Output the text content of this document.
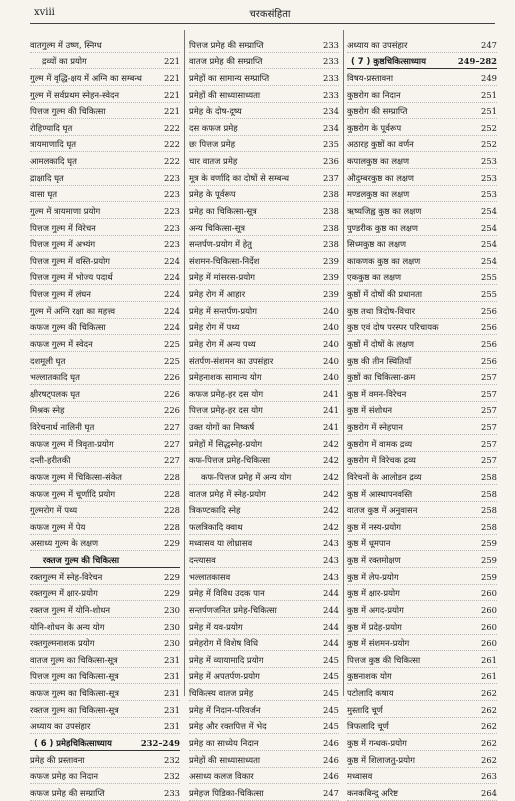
xviii	चरकसंहिता
वातगुल्म में उष्ण, स्निग्ध
द्रव्यों का प्रयोग	221
गुल्म में वृद्धि-क्षय में अग्नि का सम्बन्ध	221
गुल्म में सर्वप्रथम स्नेहन-स्वेदन	221
पित्तज गुल्म की चिकित्सा	221
रोहिण्यादि घृत	222
त्रायमाणादि घृत	222
आमलकादि घृत	222
द्राक्षादि घृत	223
वासा घृत	223
गुल्म में त्रायमाणा प्रयोग	223
पित्तज गुल्म में विरेचन	223
पित्तज गुल्म में अभ्यंग	223
पित्तज गुल्म में वस्ति-प्रयोग	224
पित्तज गुल्म में भोज्य पदार्थ	224
पित्तज गुल्म में लंघन	224
गुल्म में अग्नि रक्षा का महत्त्व	224
कफज गुल्म की चिकित्सा	224
कफज गुल्म में स्वेदन	225
दशमूली घृत	225
भल्लातकादि घृत	226
क्षीरषट्पलक घृत	226
मिश्रक स्नेह	226
विरेचनार्थ नालिनी घृत	227
कफज गुल्म में त्रिवृता-प्रयोग	227
दन्ती-हरीतकी	227
कफज गुल्म में चिकित्सा-संकेत	228
कफज गुल्म में चूर्णादि प्रयोग	228
गुल्मरोग में पथ्य	228
कफज गुल्म में पेय	228
असाध्य गुल्म के लक्षण	229
रक्तज गुल्म की चिकित्सा
रक्तगुल्म में स्नेह-विरेचन	229
रक्तगुल्म में क्षार-प्रयोग	229
रक्तज गुल्म में योनि-शोधन	230
योनि-शोधन के अन्य योग	230
रक्तगुल्मनाशक प्रयोग	230
वातज गुल्म का चिकित्सा-सूत्र	231
पित्तज गुल्म का चिकित्सा-सूत्र	231
कफज गुल्म का चिकित्सा-सूत्र	231
रक्तज गुल्म का चिकित्सा-सूत्र	231
अध्याय का उपसंहार	231
( 6 ) प्रमेहचिकित्साध्याय	232–249
प्रमेह की प्रस्तावना	232
कफज प्रमेह का निदान	232
कफज प्रमेह की सम्प्राप्ति	233
पित्तज प्रमेह की सम्प्राप्ति	233
वातज प्रमेह की सम्प्राप्ति	233
प्रमेहों का सामान्य सम्प्राप्ति	233
प्रमेहों की साध्यासाध्यता	233
प्रमेह के दोष-दूष्य	234
दस कफज प्रमेह	234
छः पित्तज प्रमेह	235
चार वातज प्रमेह	236
मूत्र के वर्णादि का दोषों से सम्बन्ध	237
प्रमेह के पूर्वरूप	238
प्रमेह का चिकित्सा-सूत्र	238
अन्य चिकित्सा-सूत्र	238
सन्तर्पण-प्रयोग में हेतु	238
संशमन-चिकित्सा-निर्देश	239
प्रमेह में मांसरस-प्रयोग	239
प्रमेह रोग में आहार	239
प्रमेह में सन्तर्पण-प्रयोग	240
प्रमेह रोग में पथ्य	240
प्रमेह रोग में अन्य पथ्य	240
संतर्पण-संशमन का उपसंहार	240
प्रमेहनाशक सामान्य योग	240
कफज प्रमेह-हर दस योग	241
पित्तज प्रमेह-हर दस योग	241
उक्त योगों का निष्कर्ष	241
प्रमेहों में सिद्धस्नेह-प्रयोग	242
कफ-पित्तज प्रमेह-चिकित्सा	242
कफ-पित्तज प्रमेह में अन्य योग	242
वातज प्रमेह में स्नेह-प्रयोग	242
त्रिकण्टकादि स्नेह	242
फलत्रिकादि क्वाथ	242
मध्वासव या लोध्रासव	243
दन्त्यासव	243
भल्लातकासव	243
प्रमेह में विविध उदक पान	244
सन्तर्पणजनित प्रमेह-चिकित्सा	244
प्रमेह में यव-प्रयोग	244
प्रमेहरोग में विशेष विधि	244
प्रमेह में व्यायामादि प्रयोग	245
प्रमेह में अपतर्पण-प्रयोग	245
चिकित्स्य वातज प्रमेह	245
प्रमेह में निदान-परिवर्जन	245
प्रमेह और रक्तपित्त में भेद	245
प्रमेह का साध्येय निदान	246
प्रमेहों की साध्यासाध्यता	246
असाध्य कलज विकार	246
प्रमेहज पिडिका-चिकित्सा	247
अध्याय का उपसंहार	247
( 7 ) कुष्ठचिकित्साध्याय	249–282
विषय-प्रस्तावना	249
कुष्ठरोग का निदान	251
कुष्ठरोग की सम्प्राप्ति	251
कुष्ठरोग के पूर्वरूप	252
अठारह कुष्ठों का वर्णन	252
कपालकुष्ठ का लक्षण	253
औदुम्बरकुष्ठ का लक्षण	253
मण्डलकुष्ठ का लक्षण	253
ऋष्यजिह्व कुष्ठ का लक्षण	254
पुण्डरीक कुष्ठ का लक्षण	254
सिध्मकुष्ठ का लक्षण	254
काकणक कुष्ठ का लक्षण	254
एककुष्ठ का लक्षण	255
कुष्ठों में दोषों की प्रधानता	255
कुष्ठ तथा त्रिदोष-विचार	256
कुष्ठ एवं दोष परस्पर परिचायक	256
कुष्ठों में दोषों के लक्षण	256
कुष्ठ की तीन स्थितियाँ	256
कुष्ठों का चिकित्सा-क्रम	257
कुष्ठ में वमन-विरेचन	257
कुष्ठ में संशोधन	257
कुष्ठरोग में स्नेहपान	257
कुष्ठरोग में वामक द्रव्य	257
कुष्ठरोग में विरेचक द्रव्य	257
विरेचनों के आलोडन द्रव्य	258
कुष्ठ में आस्थापनवस्ति	258
वातज कुष्ठ में अनुवासन	258
कुष्ठ में नस्य-प्रयोग	258
कुष्ठ में धूमपान	259
कुष्ठ में रक्तमोक्षण	259
कुष्ठ में लेप-प्रयोग	259
कुष्ठ में क्षार-प्रयोग	260
कुष्ठ में अगद-प्रयोग	260
कुष्ठ में प्रदेह-प्रयोग	260
कुष्ठ में संशमन-प्रयोग	260
पित्तज कुष्ठ की चिकित्सा	261
कुष्ठनाशक योग	261
पटोलादि कषाय	262
मुस्तादि चूर्ण	262
त्रिफलादि चूर्ण	262
कुष्ठ में गन्धक-प्रयोग	262
कुष्ठ में शिलाजतु-प्रयोग	262
मध्वासव	263
कनकबिन्दु अरिष्ट	264
